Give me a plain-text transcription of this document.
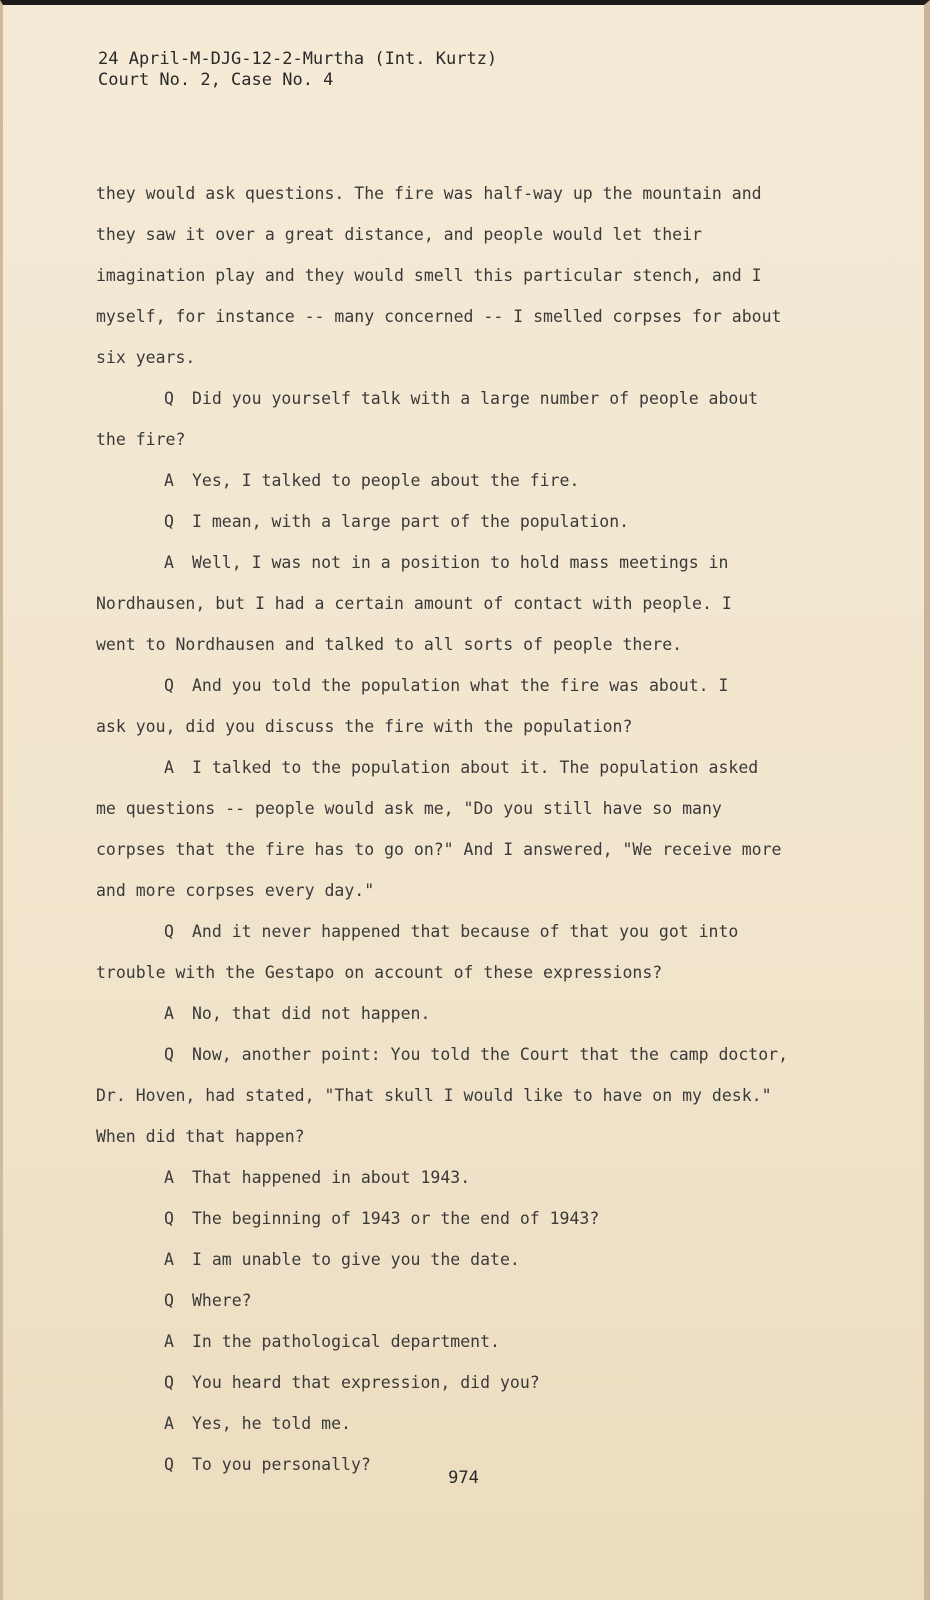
24 April-M-DJG-12-2-Murtha (Int. Kurtz)
Court No. 2, Case No. 4
they would ask questions. The fire was half-way up the mountain and
they saw it over a great distance, and people would let their
imagination play and they would smell this particular stench, and I
myself, for instance -- many concerned -- I smelled corpses for about
six years.
Q Did you yourself talk with a large number of people about
the fire?
A Yes, I talked to people about the fire.
Q I mean, with a large part of the population.
A Well, I was not in a position to hold mass meetings in
Nordhausen, but I had a certain amount of contact with people. I
went to Nordhausen and talked to all sorts of people there.
Q And you told the population what the fire was about. I
ask you, did you discuss the fire with the population?
A I talked to the population about it. The population asked
me questions -- people would ask me, "Do you still have so many
corpses that the fire has to go on?" And I answered, "We receive more
and more corpses every day."
Q And it never happened that because of that you got into
trouble with the Gestapo on account of these expressions?
A No, that did not happen.
Q Now, another point: You told the Court that the camp doctor,
Dr. Hoven, had stated, "That skull I would like to have on my desk."
When did that happen?
A That happened in about 1943.
Q The beginning of 1943 or the end of 1943?
A I am unable to give you the date.
Q Where?
A In the pathological department.
Q You heard that expression, did you?
A Yes, he told me.
Q To you personally?
974
